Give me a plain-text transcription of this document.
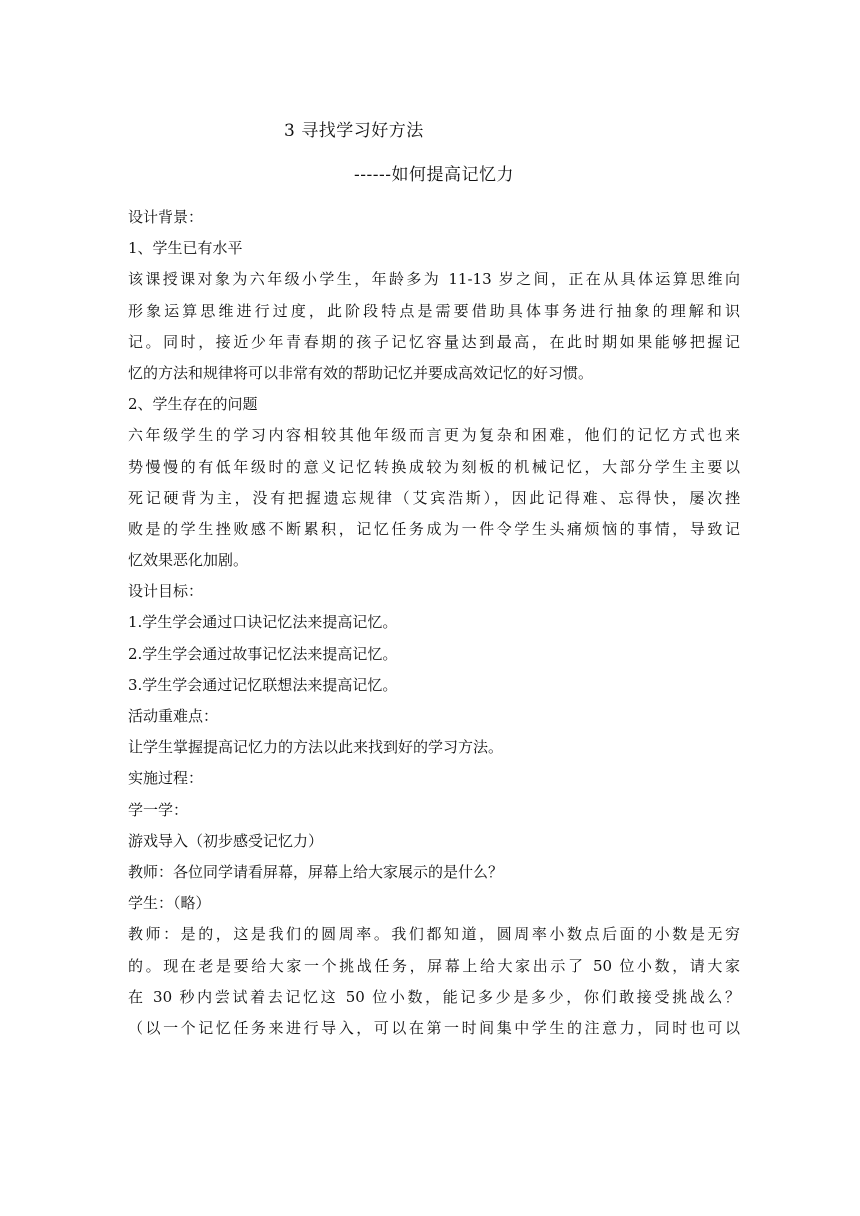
3 寻找学习好方法
------如何提高记忆力
设计背景：
1、学生已有水平
该课授课对象为六年级小学生，年龄多为 11-13 岁之间，正在从具体运算思维向
形象运算思维进行过度，此阶段特点是需要借助具体事务进行抽象的理解和识
记。同时，接近少年青春期的孩子记忆容量达到最高，在此时期如果能够把握记
忆的方法和规律将可以非常有效的帮助记忆并要成高效记忆的好习惯。
2、学生存在的问题
六年级学生的学习内容相较其他年级而言更为复杂和困难，他们的记忆方式也来
势慢慢的有低年级时的意义记忆转换成较为刻板的机械记忆，大部分学生主要以
死记硬背为主，没有把握遗忘规律（艾宾浩斯），因此记得难、忘得快，屡次挫
败是的学生挫败感不断累积，记忆任务成为一件令学生头痛烦恼的事情，导致记
忆效果恶化加剧。
设计目标：
1.学生学会通过口诀记忆法来提高记忆。
2.学生学会通过故事记忆法来提高记忆。
3.学生学会通过记忆联想法来提高记忆。
活动重难点：
让学生掌握提高记忆力的方法以此来找到好的学习方法。
实施过程：
学一学：
游戏导入（初步感受记忆力）
教师：各位同学请看屏幕，屏幕上给大家展示的是什么？
学生：（略）
教师：是的，这是我们的圆周率。我们都知道，圆周率小数点后面的小数是无穷
的。现在老是要给大家一个挑战任务，屏幕上给大家出示了 50 位小数，请大家
在 30 秒内尝试着去记忆这 50 位小数，能记多少是多少，你们敢接受挑战么？
（以一个记忆任务来进行导入，可以在第一时间集中学生的注意力，同时也可以
